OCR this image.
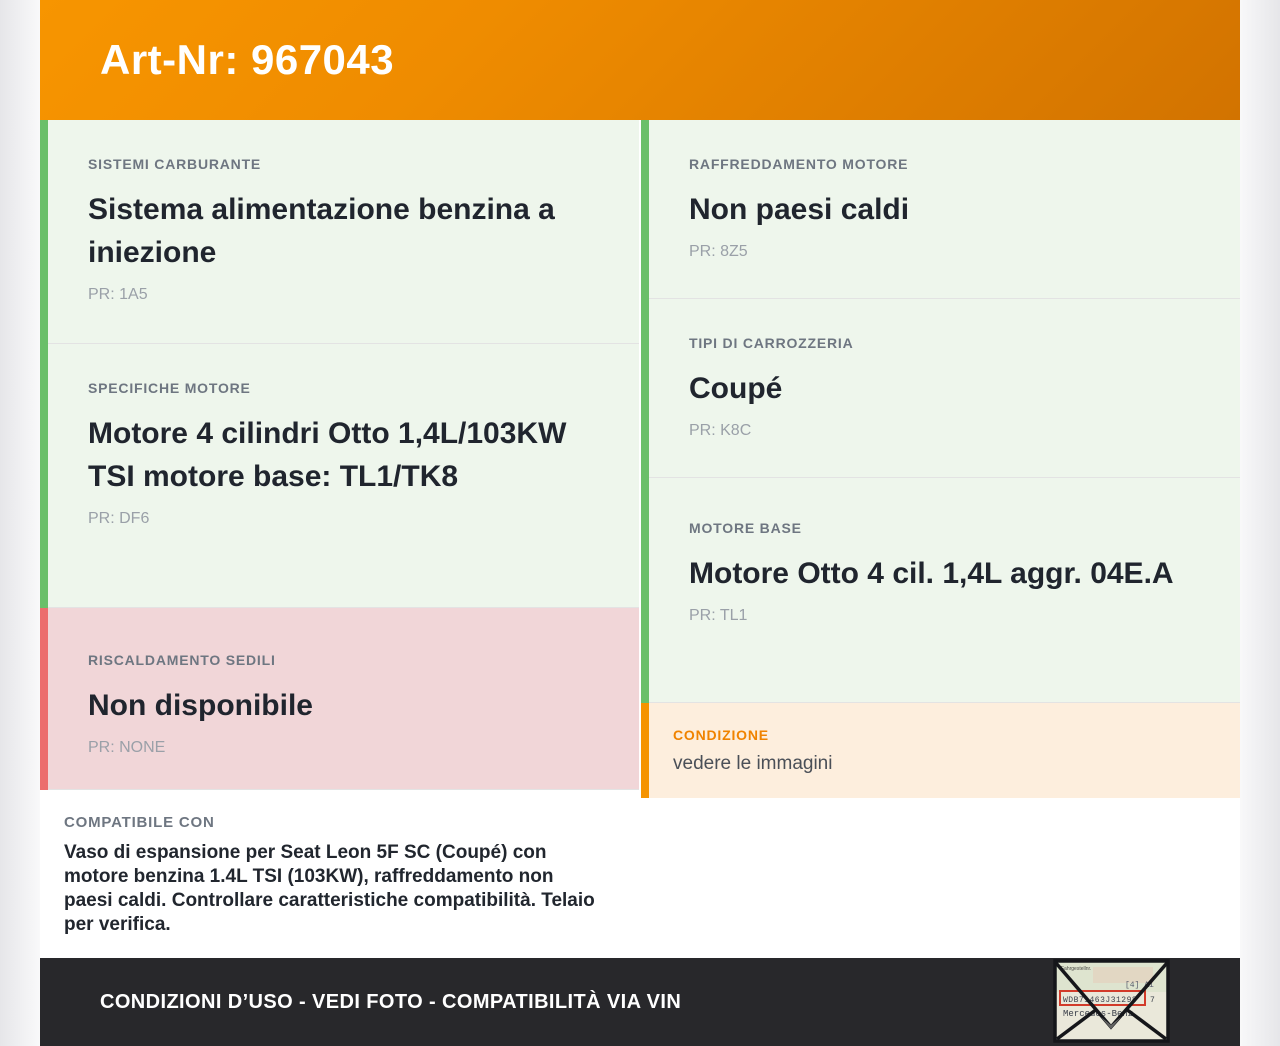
Art-Nr: 967043
SISTEMI CARBURANTE
Sistema alimentazione benzina a iniezione
PR: 1A5
SPECIFICHE MOTORE
Motore 4 cilindri Otto 1,4L/103KW TSI motore base: TL1/TK8
PR: DF6
RISCALDAMENTO SEDILI
Non disponibile
PR: NONE
COMPATIBILE CON
Vaso di espansione per Seat Leon 5F SC (Coupé) con motore benzina 1.4L TSI (103KW), raffreddamento non paesi caldi. Controllare caratteristiche compatibilità. Telaio per verifica.
RAFFREDDAMENTO MOTORE
Non paesi caldi
PR: 8Z5
TIPI DI CARROZZERIA
Coupé
PR: K8C
MOTORE BASE
Motore Otto 4 cil. 1,4L aggr. 04E.A
PR: TL1
CONDIZIONE
vedere le immagini
CONDIZIONI D’USO - VEDI FOTO - COMPATIBILITÀ VIA VIN
Fahrgestellnr.
[4] Ai
WDB71463J31298 7
Mercedes-Benz
